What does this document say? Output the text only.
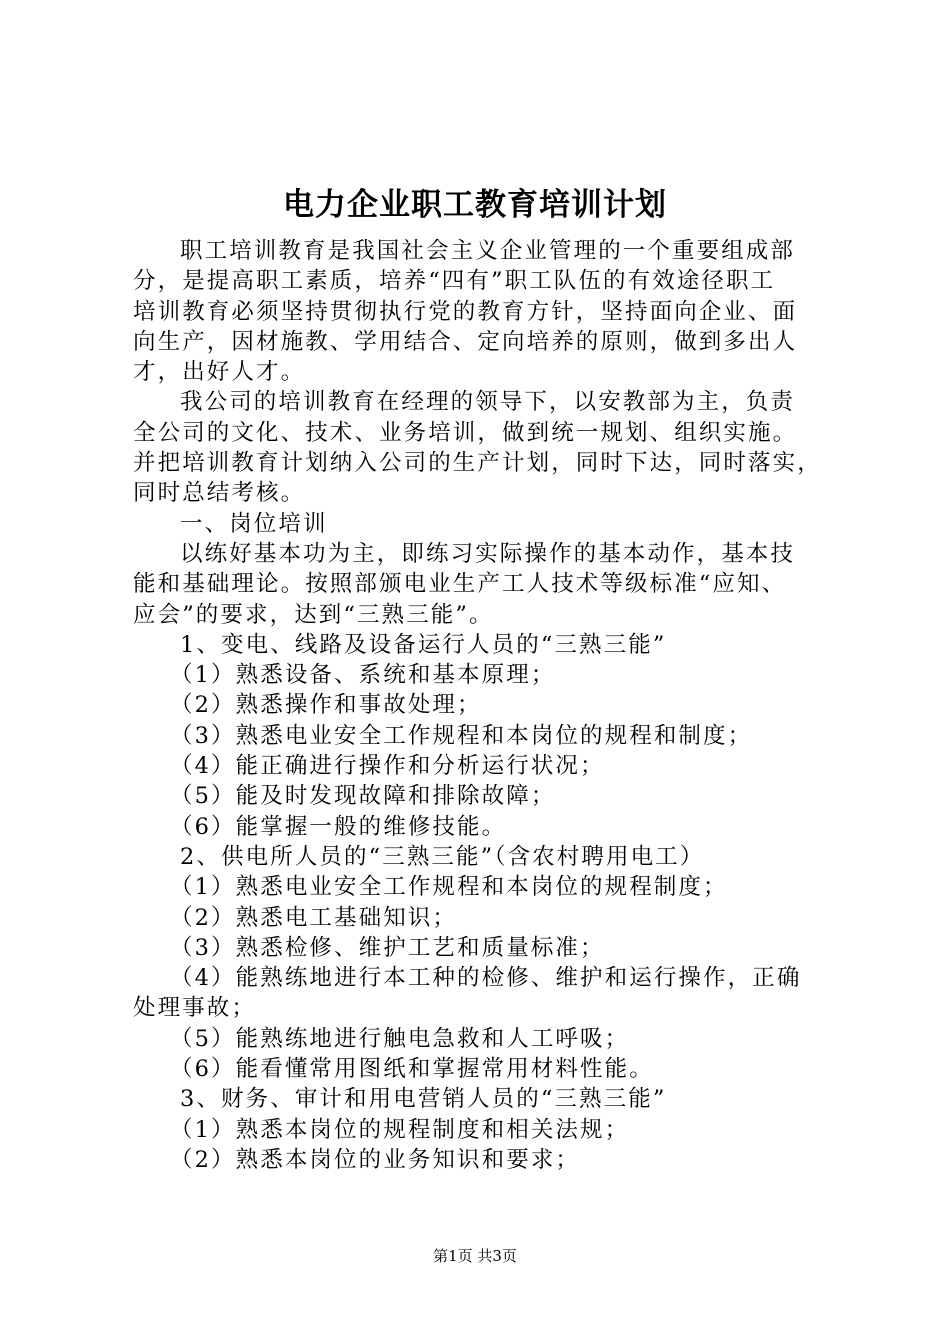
电力企业职工教育培训计划

职工培训教育是我国社会主义企业管理的一个重要组成部

分，是提高职工素质，培养“四有”职工队伍的有效途径职工

培训教育必须坚持贯彻执行党的教育方针，坚持面向企业、面

向生产，因材施教、学用结合、定向培养的原则，做到多出人

才，出好人才。

我公司的培训教育在经理的领导下，以安教部为主，负责

全公司的文化、技术、业务培训，做到统一规划、组织实施。

并把培训教育计划纳入公司的生产计划，同时下达，同时落实，

同时总结考核。

一、岗位培训

以练好基本功为主，即练习实际操作的基本动作，基本技

能和基础理论。按照部颁电业生产工人技术等级标准“应知、

应会”的要求，达到“三熟三能”。

1、变电、线路及设备运行人员的“三熟三能”

（1）熟悉设备、系统和基本原理；

（2）熟悉操作和事故处理；

（3）熟悉电业安全工作规程和本岗位的规程和制度；

（4）能正确进行操作和分析运行状况；

（5）能及时发现故障和排除故障；

（6）能掌握一般的维修技能。

2、供电所人员的“三熟三能”（含农村聘用电工）

（1）熟悉电业安全工作规程和本岗位的规程制度；

（2）熟悉电工基础知识；

（3）熟悉检修、维护工艺和质量标准；

（4）能熟练地进行本工种的检修、维护和运行操作，正确

处理事故；

（5）能熟练地进行触电急救和人工呼吸；

（6）能看懂常用图纸和掌握常用材料性能。

3、财务、审计和用电营销人员的“三熟三能”

（1）熟悉本岗位的规程制度和相关法规；

（2）熟悉本岗位的业务知识和要求；

第1页 共3页
